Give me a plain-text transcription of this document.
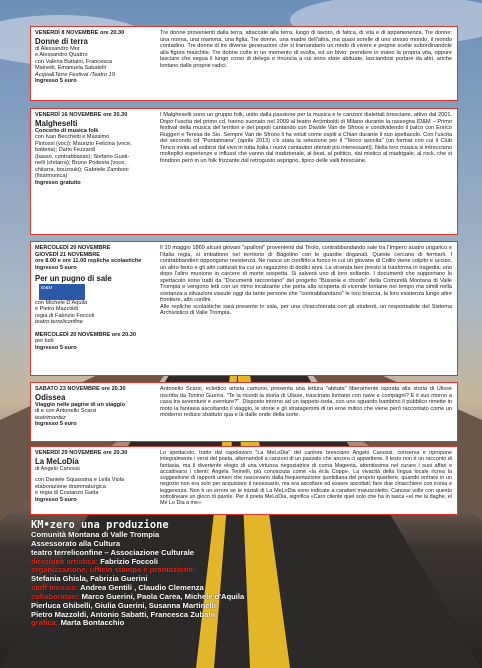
VENERDÌ 8 NOVEMBRE ore 20.30
Donne di terra
di Alessandro Mor
e Alessandro Quattro
con Valeria Battaini, Francesca
Mainetti, Emanuela Sabatelli
Acqua&Terre Festival /Teatro 19
Ingresso 5 euro
Tre donne provenienti dalla terra, attaccate alla terra, luogo di lavoro, di fatica, di vita e di appartenenza. Tre donne: una nonna, una mamma, una figlia. Tre donne, una madre dell'altra, ma quasi sorelle di uno stesso mondo, il mondo contadino. Tre donne di tre diverse generazioni che si tramandano un modo di vivere e proprie scelte subordinandole alla figura maschile. Tre donne colte in un momento di svolta, ed un bivio: prendere in mano la propria vita, oppure lasciare che segua il lungo corso di delega e rinuncia a cui sono state abituate, lasciandosi portare da altri, anche lontano dalle proprie radici.
VENERDÌ 16 NOVEMBRE ore 20.30
Malgheselti
Concerto di musica folk
con Ivan Becchetti e Massimo
Pintossi (voci); Maurizio Felicina (voce,
batteria); Dario Fezzardi
(basso, contrabbasso); Stefano Gusti-
nelli (chitarra); Bruno Podesta (voce,
chitarra, bouzouki); Gabriele Zamboni
(fisarmonica)
Ingresso gratuito
I Malgheselti sono un gruppo folk, unito dalla passione per la musica e le canzoni dialettali bresciane, attivo dal 2001. Dopo l'uscita del primo cd, hanno suonato nel 2009 al teatro Arcimboldi di Milano durante la rassegna ID&M – Primo festival della musica del territori e dei popoli cantando con Davide Van de Sfroos e condividendo il palco con Enrico Ruggeri e Teresa de Sio. Sempre Van de Sfroos li ha voluti come ospiti a Chiari durante il suo spettacolo. Con l'uscita del secondo cd "Puntalmana" (aprile 2013) c'è stata la selezione per il "Tenco ascolta" (un format con cui il Club Tenco invita ad esibirsi dal vivo in tutta Italia i nuovi cantautori ritenuti più interessanti). Nella loro musica si intrecciano molteplici esperienze e influssi che vanno dal tradizionale, al beat, al politico, dal mistico al madrigale, al rock, che si fondono però in un folk frizzante dal retrogusto asprigno, tipico delle valli bresciane.
MERCOLEDÌ 20 NOVEMBRE
GIOVEDÌ 21 NOVEMBRE
ore 8.00 e ore 11.00 repliche scolastiche
Ingresso 5 euro
Per un pugno di saleID&M
con Michele D'Aquila
e Pietro Mazzoldi
regia di Fabrizio Foccoli
teatro terreliconfine
MERCOLEDÌ 20 NOVEMBRE ore 20.30
per tutti
Ingresso 5 euro
Il 10 maggio 1869 alcuni giovani "spalloni" provenienti dal Tirolo, contrabbandando sale tra l'Impero austro ungarico e l'Italia regia, si imbattono nel territorio di Bagolino con le guardie doganali. Queste cercano di fermarli. I contrabbandieri oppongono resistenza. Ne nasce un conflitto a fuoco in cui un giovane di Collio viene colpito e ucciso, un altro ferito e gli altri catturati tra cui un ragazzino di dodici anni. La vicenda ben presto si trasforma in tragedia: uno dopo l'altro muoiono in carcere di morte sospetta. Si salverà uno di loro soltanto. I documenti che supportano lo spettacolo sono tratti da "Documenti raccontano" del progetto "Bussole e chiodo" della Comunità Montana di Valle Trompia e vengono letti con un ritmo incalzante che porta alla scoperta di vicende lontane nel tempo ma simili nella sostanza a situazioni vissute oggi da tante persone che "contrabbandano" le loro braccia, la loro esistenza lungo altre frontiere, altri confini.
Alle repliche scolastiche sarà presente in sala, per una chiacchierata con gli studenti, un responsabile del Sistema Archivistico di Valle Trompia.
SABATO 23 NOVEMBRE ore 20.30
Odissea
Viaggio nelle pagine di un viaggio
di e con Antonello Scarsi
teatrimontez
Ingresso 5 euro
Antonello Scarsi, eclettico artista camuno, presenta una lettura "abitata" liberamente ispirata alla storia di Ulisse riscritta da Tonino Guerra. "Te la ricordi la storia di Ulisse, trascinato lontano con nave e compagni? E il suo ritorno a casa tra avventure e sventure?". Disposto intorno ad un tappeto-isola, con uno sguardo bambino il pubblico rimette in moto la fantasia ascoltando il viaggio, le storie e gli stratagemmi di un eroe mitico che viene però raccontato come un moderno reduce sbattuto qua e là dalle onde della sorte.
VENERDÌ 29 NOVEMBRE ore 20.30
La MeLoDia
di Angelo Canossi
con Daniele Squassina e Leila Viola
elaborazione drammaturgica
e regia di Costanzo Gatta
Ingresso 5 euro
Lo spettacolo, tratto dal capolavoro "La MeLoDia" del cantore bresciano Angelo Canossi, conserva e ripropone integralmente i versi del poeta, alternandoli a canzoni di un passato che ancora ci appartiene. Il testo non è un racconto di fantasia, ma il divertente elogio di una virtuosa negoziatrice di corna Magenta, attentissima nel curare i suoi affari e accattivarsi i clienti: Angela Terinelli, più conosciuta come «la écla Coppi». La vivacità della lingua locale ricrea la suggestione di rapporti umani che nascevano dalla frequentazione quotidiana del proprio quartiere, quando entrare in un negozio non era solo per acquistare il necessario, ma era ascoltare ed essere ascoltati; fare due chiacchiere con ironia e leggerezza. Non è un errore se le iniziali di La MeLoDia sono indicate a caratteri maiuscoletto. Canossi volle con questo sottolineare un gioco di parole. Per il poeta MeLoDia, significa «Caro cliente quel solo che ha in tasca «el me la daghe, el Me Lo Dia a me».
KM•zero una produzione
Comunità Montana di Valle Trompia
Assessorato alla Cultura
teatro terreliconfine – Associazione Culturale
direzione artistica: Fabrizio Foccoli
organizzazione, ufficio stampa e promozione:
Stefania Ghisla, Fabrizia Guerini
staff tecnico: Andrea Gentili , Claudio Clemenza
collaboratori: Marco Guerini, Paola Carea, Michele d'Aquila
Pierluca Ghibelli, Giulia Guerini, Susanna Martinelli
Pietro Mazzoldi, Antonio Sabatti, Francesca Zubani
grafica: Marta Bontacchio
